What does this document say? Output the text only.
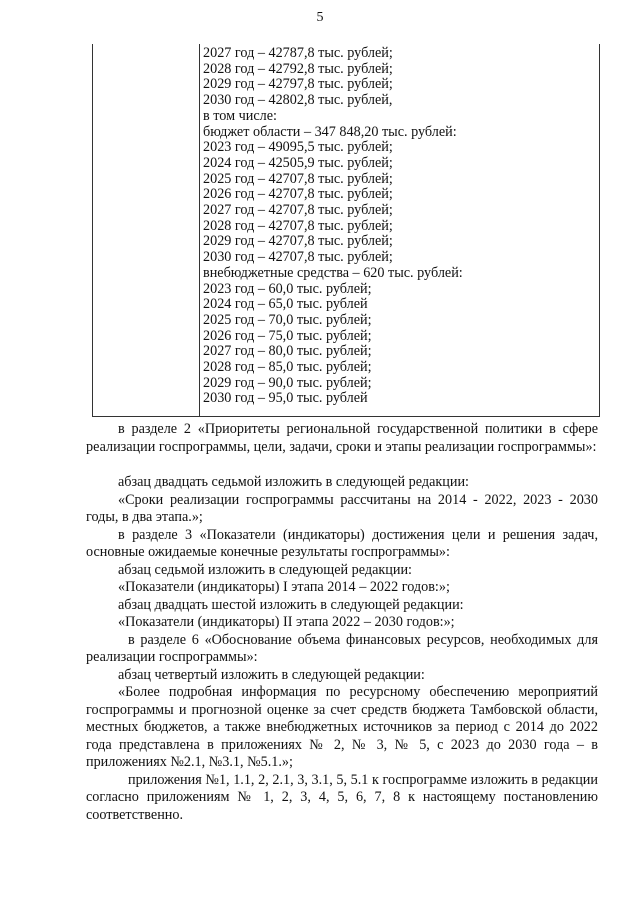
5
2027 год – 42787,8 тыс. рублей;
2028 год – 42792,8 тыс. рублей;
2029 год – 42797,8 тыс. рублей;
2030 год – 42802,8 тыс. рублей,
в том числе:
бюджет области – 347 848,20 тыс. рублей:
2023 год – 49095,5 тыс. рублей;
2024 год – 42505,9 тыс. рублей;
2025 год – 42707,8 тыс. рублей;
2026 год – 42707,8 тыс. рублей;
2027 год – 42707,8 тыс. рублей;
2028 год – 42707,8 тыс. рублей;
2029 год – 42707,8 тыс. рублей;
2030 год – 42707,8 тыс. рублей;
внебюджетные средства – 620 тыс. рублей:
2023 год – 60,0 тыс. рублей;
2024 год – 65,0 тыс. рублей
2025 год – 70,0 тыс. рублей;
2026 год – 75,0 тыс. рублей;
2027 год – 80,0 тыс. рублей;
2028 год – 85,0 тыс. рублей;
2029 год – 90,0 тыс. рублей;
2030 год – 95,0 тыс. рублей

в разделе 2 «Приоритеты региональной государственной политики в сфере реализации госпрограммы, цели, задачи, сроки и этапы реализации госпрограммы»:

абзац двадцать седьмой изложить в следующей редакции:

«Сроки реализации госпрограммы рассчитаны на 2014 - 2022, 2023 - 2030 годы, в два этапа.»;

в разделе 3 «Показатели (индикаторы) достижения цели и решения задач, основные ожидаемые конечные результаты госпрограммы»:

абзац седьмой изложить в следующей редакции:

«Показатели (индикаторы) I этапа 2014 – 2022 годов:»;

абзац двадцать шестой изложить в следующей редакции:

«Показатели (индикаторы) II этапа 2022 – 2030 годов:»;

в разделе 6 «Обоснование объема финансовых ресурсов, необходимых для реализации госпрограммы»:

абзац четвертый изложить в следующей редакции:

«Более подробная информация по ресурсному обеспечению мероприятий госпрограммы и прогнозной оценке за счет средств бюджета Тамбовской области, местных бюджетов, а также внебюджетных источников за период с 2014 до 2022 года представлена в приложениях № 2, № 3, № 5, с 2023 до 2030 года – в приложениях №2.1, №3.1, №5.1.»;

приложения №1, 1.1, 2, 2.1, 3, 3.1, 5, 5.1 к госпрограмме изложить в редакции согласно приложениям № 1, 2, 3, 4, 5, 6, 7, 8 к настоящему постановлению соответственно.
